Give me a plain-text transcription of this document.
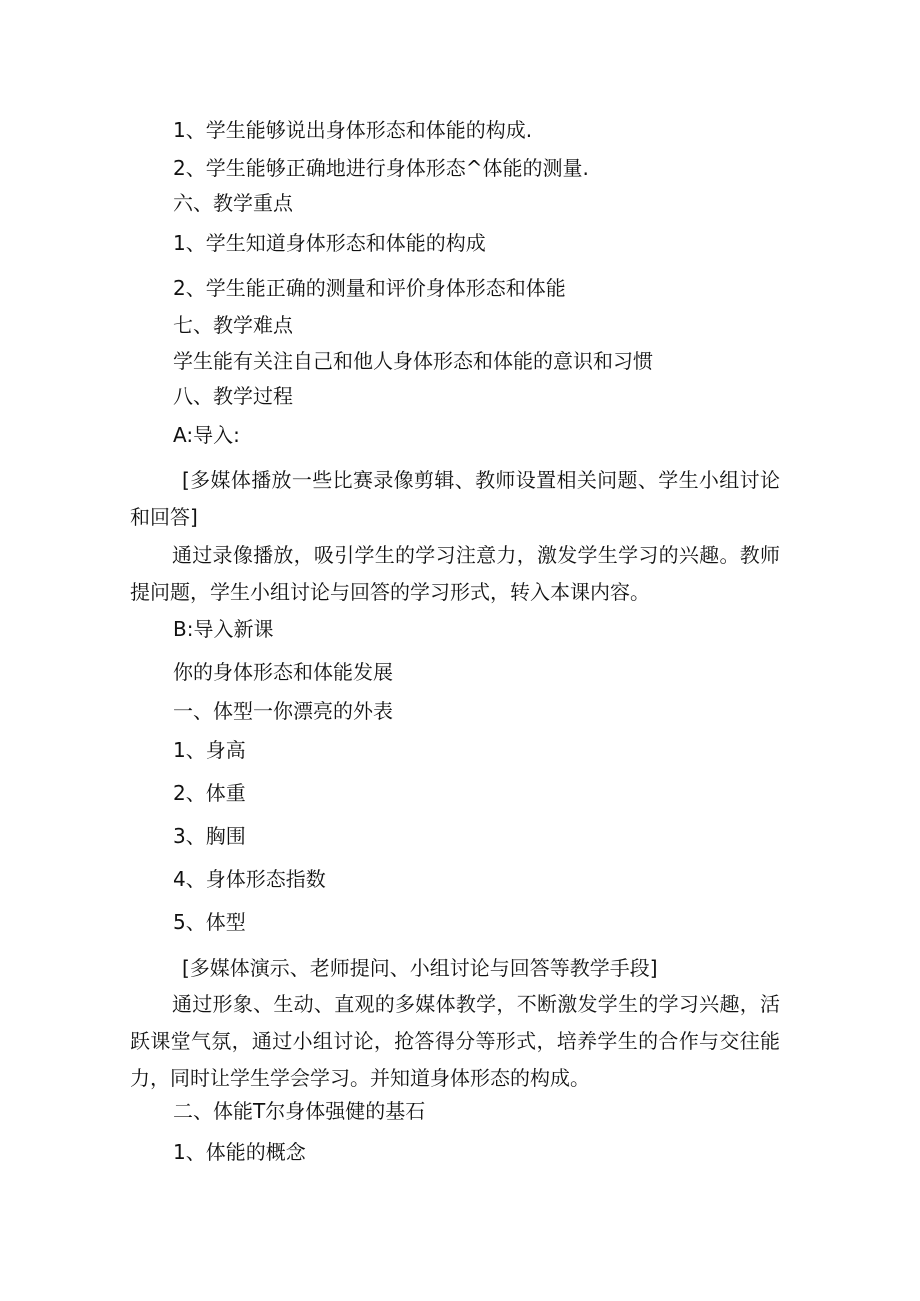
1、学生能够说出身体形态和体能的构成.

2、学生能够正确地进行身体形态^体能的测量.

六、教学重点

1、学生知道身体形态和体能的构成

2、学生能正确的测量和评价身体形态和体能

七、教学难点

学生能有关注自己和他人身体形态和体能的意识和习惯

八、教学过程

A:导入:

[多媒体播放一些比赛录像剪辑、教师设置相关问题、学生小组讨论和回答]

通过录像播放，吸引学生的学习注意力，激发学生学习的兴趣。教师提问题，学生小组讨论与回答的学习形式，转入本课内容。

B:导入新课

你的身体形态和体能发展

一、体型一你漂亮的外表

1、身高

2、体重

3、胸围

4、身体形态指数

5、体型

[多媒体演示、老师提问、小组讨论与回答等教学手段]

通过形象、生动、直观的多媒体教学，不断激发学生的学习兴趣，活跃课堂气氛，通过小组讨论，抢答得分等形式，培养学生的合作与交往能力，同时让学生学会学习。并知道身体形态的构成。

二、体能T尔身体强健的基石

1、体能的概念
